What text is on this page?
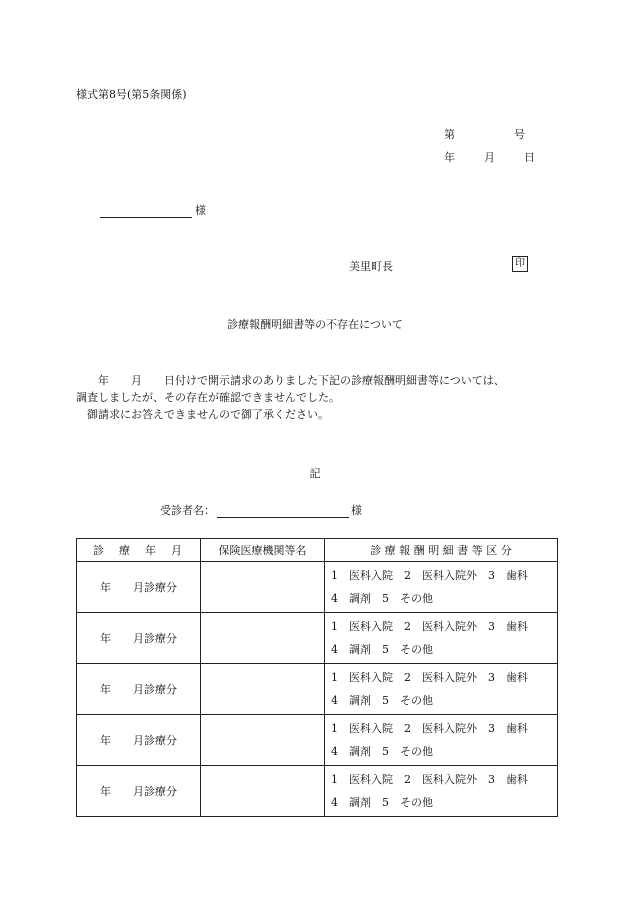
様式第8号(第5条関係)
第	号
年	月	日
様
美里町長	印
診療報酬明細書等の不存在について

　　年　　月　　日付けで開示請求のありました下記の診療報酬明細書等については、

調査しましたが、その存在が確認できませんでした。

　御請求にお答えできませんので御了承ください。

記
受診者名：	様
診　療　年　月	保険医療機関等名	診 療 報 酬 明 細 書 等 区 分
年　　月診療分		1　医科入院　2　医科入院外　3　歯科
4　調剤　5　その他

年　　月診療分		1　医科入院　2　医科入院外　3　歯科
4　調剤　5　その他

年　　月診療分		1　医科入院　2　医科入院外　3　歯科
4　調剤　5　その他

年　　月診療分		1　医科入院　2　医科入院外　3　歯科
4　調剤　5　その他

年　　月診療分		1　医科入院　2　医科入院外　3　歯科
4　調剤　5　その他
